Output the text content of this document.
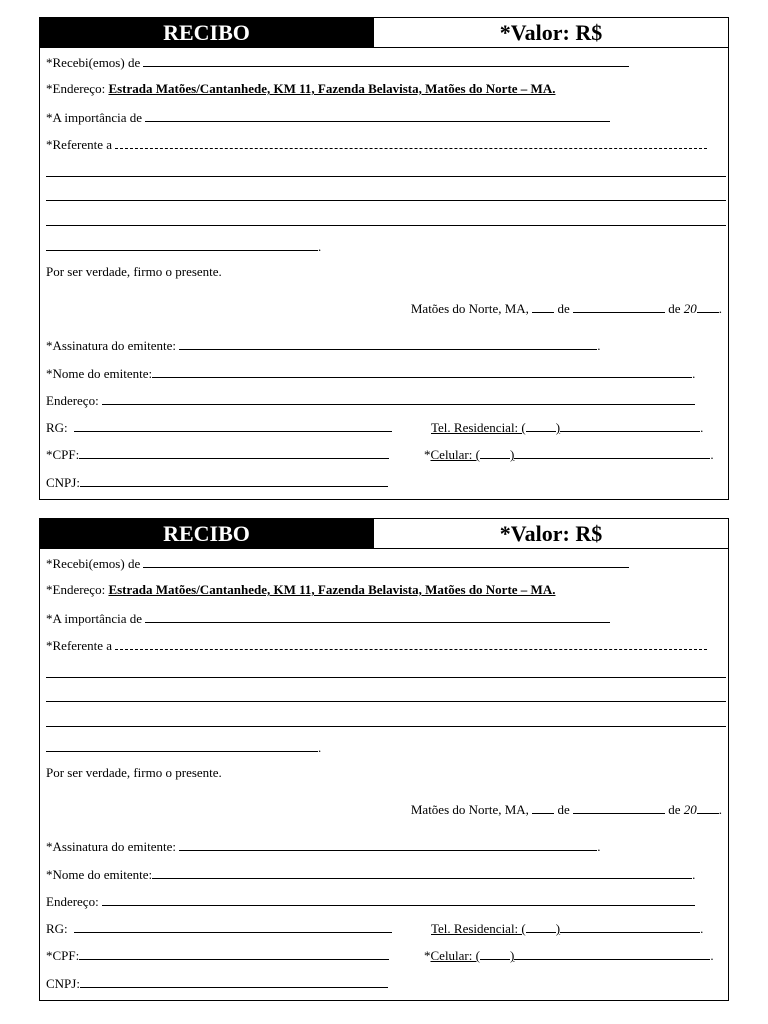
RECIBO	*Valor: R$
*Recebi(emos) de
*Endereço: Estrada Matões/Cantanhede, KM 11, Fazenda Belavista, Matões do Norte – MA.
*A importância de
*Referente a
.
Por ser verdade, firmo o presente.
Matões do Norte, MA, de	de 20 .
*Assinatura do emitente:	.
*Nome do emitente:	.
Endereço:
RG:	Tel. Residencial: ( )	.
*CPF:	*Celular: ( )	.
CNPJ:
RECIBO	*Valor: R$
*Recebi(emos) de
*Endereço: Estrada Matões/Cantanhede, KM 11, Fazenda Belavista, Matões do Norte – MA.
*A importância de
*Referente a
.
Por ser verdade, firmo o presente.
Matões do Norte, MA, de	de 20 .
*Assinatura do emitente:	.
*Nome do emitente:	.
Endereço:
RG:	Tel. Residencial: ( )	.
*CPF:	*Celular: ( )	.
CNPJ:
